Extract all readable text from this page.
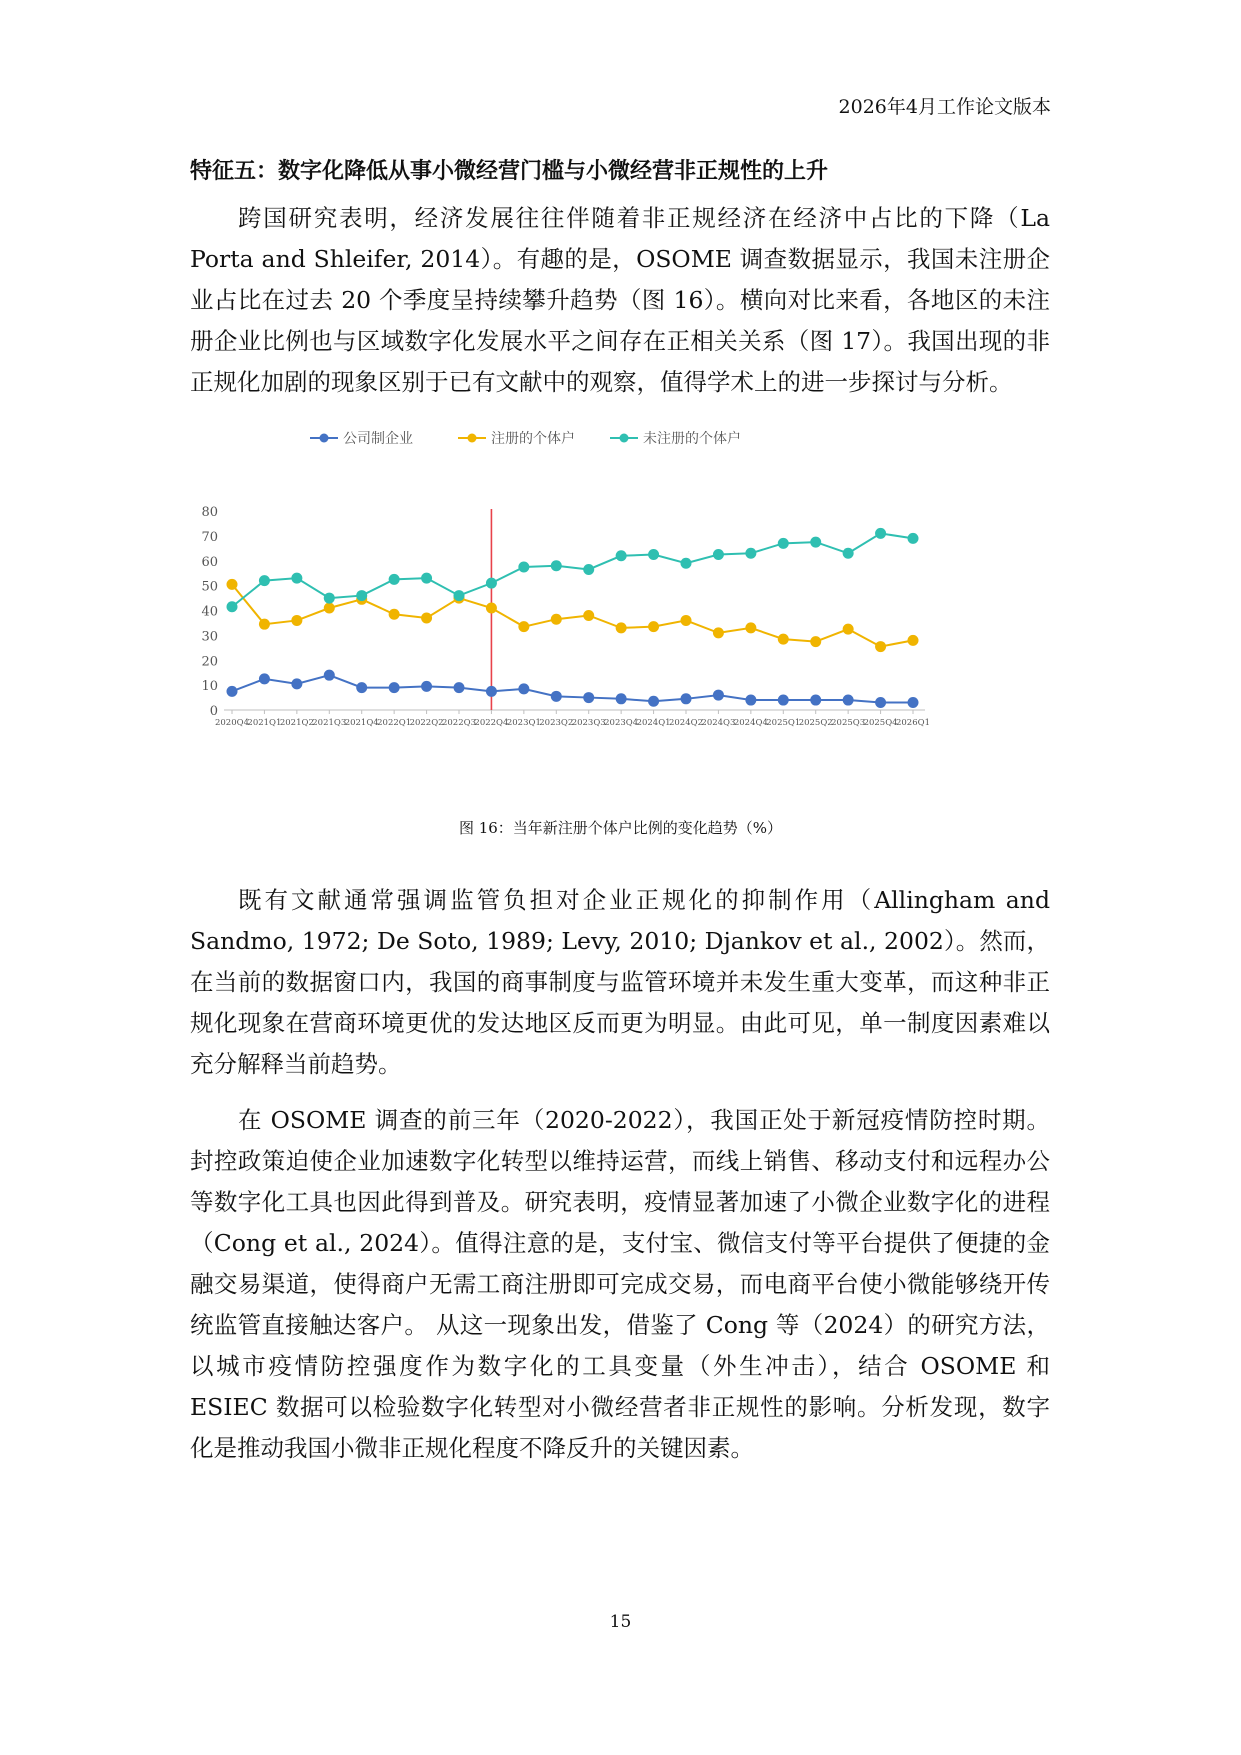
2026年4月工作论文版本
特征五：数字化降低从事小微经营门槛与小微经营非正规性的上升

跨国研究表明，经济发展往往伴随着非正规经济在经济中占比的下降（La Porta and Shleifer, 2014）。有趣的是，OSOME 调查数据显示，我国未注册企业占比在过去 20 个季度呈持续攀升趋势（图 16）。横向对比来看，各地区的未注册企业比例也与区域数字化发展水平之间存在正相关关系（图 17）。我国出现的非正规化加剧的现象区别于已有文献中的观察，值得学术上的进一步探讨与分析。

0
10
20
30
40
50
60
70
80
2020Q4
2021Q1
2021Q2
2021Q3
2021Q4
2022Q1
2022Q2
2022Q3
2022Q4
2023Q1
2023Q2
2023Q3
2023Q4
2024Q1
2024Q2
2024Q3
2024Q4
2025Q1
2025Q2
2025Q3
2025Q4
2026Q1
公司制企业	注册的个体户	未注册的个体户
图 16：当年新注册个体户比例的变化趋势（%）

既有文献通常强调监管负担对企业正规化的抑制作用（Allingham and Sandmo, 1972; De Soto, 1989; Levy, 2010; Djankov et al., 2002）。然而，在当前的数据窗口内，我国的商事制度与监管环境并未发生重大变革，而这种非正规化现象在营商环境更优的发达地区反而更为明显。由此可见，单一制度因素难以充分解释当前趋势。

在 OSOME 调查的前三年（2020-2022），我国正处于新冠疫情防控时期。封控政策迫使企业加速数字化转型以维持运营，而线上销售、移动支付和远程办公等数字化工具也因此得到普及。研究表明，疫情显著加速了小微企业数字化的进程（Cong et al., 2024）。值得注意的是，支付宝、微信支付等平台提供了便捷的金融交易渠道，使得商户无需工商注册即可完成交易，而电商平台使小微能够绕开传统监管直接触达客户。 从这一现象出发，借鉴了 Cong 等（2024）的研究方法，以城市疫情防控强度作为数字化的工具变量（外生冲击），结合 OSOME 和 ESIEC 数据可以检验数字化转型对小微经营者非正规性的影响。分析发现，数字化是推动我国小微非正规化程度不降反升的关键因素。

15
